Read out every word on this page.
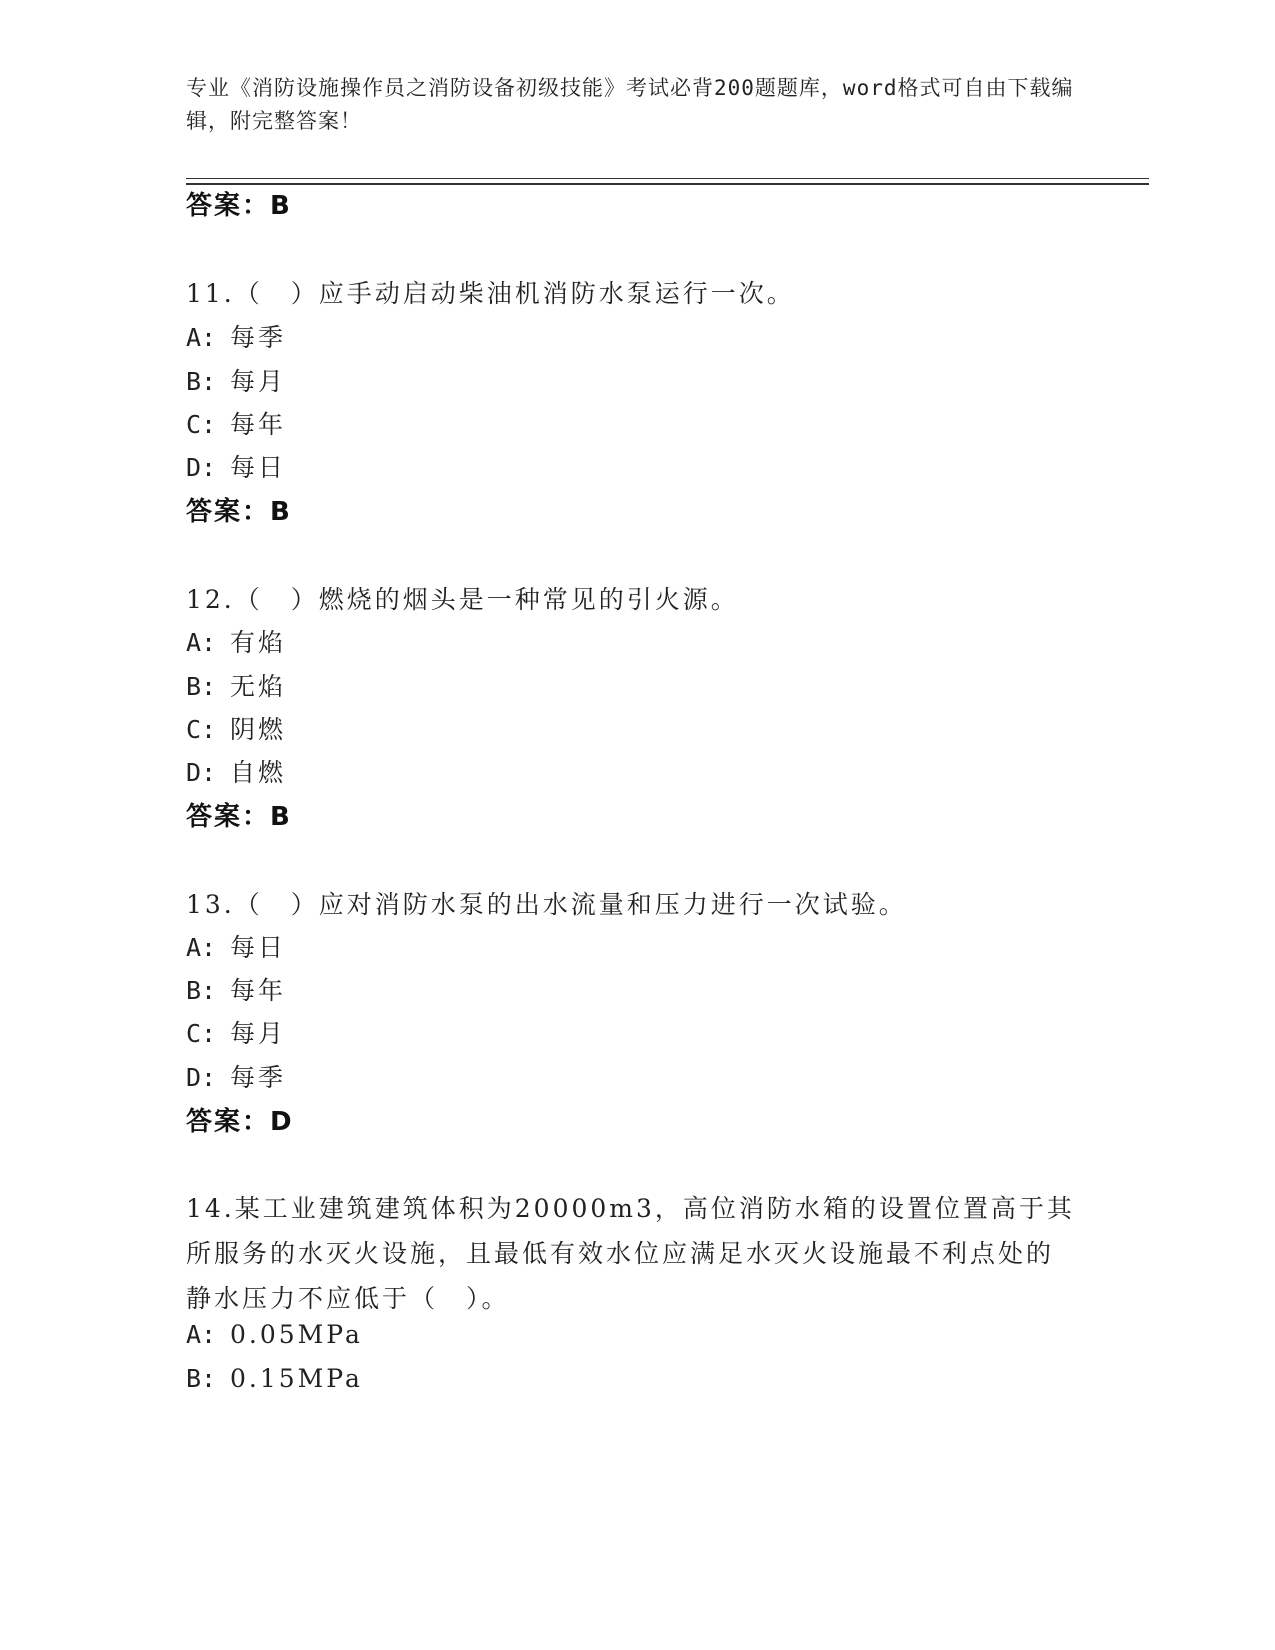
专业《消防设施操作员之消防设备初级技能》考试必背200题题库，word格式可自由下载编辑，附完整答案！
答案：B
11.（　）应手动启动柴油机消防水泵运行一次。
A: 每季
B: 每月
C: 每年
D: 每日
答案：B
12.（　）燃烧的烟头是一种常见的引火源。
A: 有焰
B: 无焰
C: 阴燃
D: 自燃
答案：B
13.（　）应对消防水泵的出水流量和压力进行一次试验。
A: 每日
B: 每年
C: 每月
D: 每季
答案：D
14.某工业建筑建筑体积为20000m3，高位消防水箱的设置位置高于其所服务的水灭火设施，且最低有效水位应满足水灭火设施最不利点处的静水压力不应低于（　）。
A: 0.05MPa
B: 0.15MPa
